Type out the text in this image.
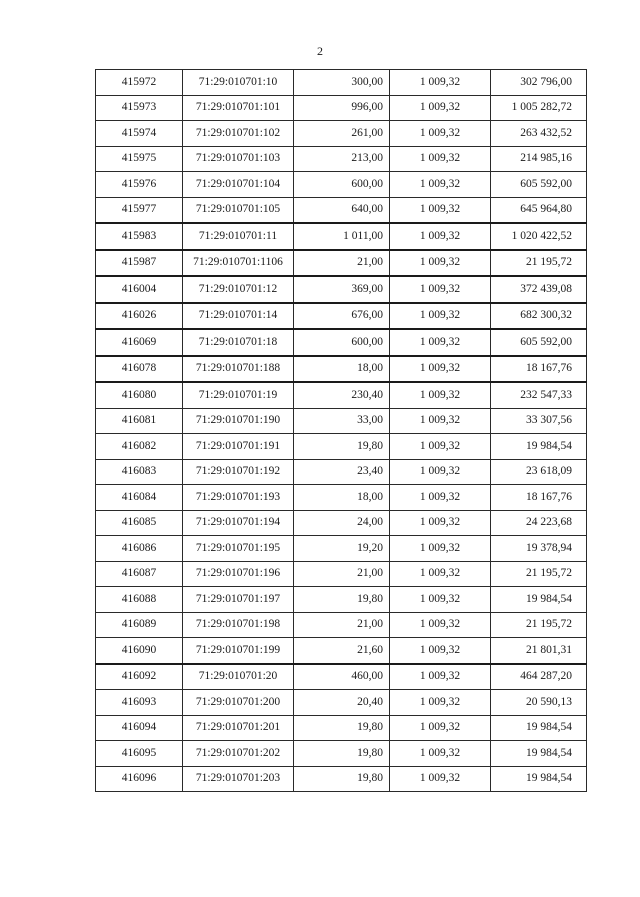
2
415972	71:29:010701:10	300,00	1 009,32	302 796,00
415973	71:29:010701:101	996,00	1 009,32	1 005 282,72
415974	71:29:010701:102	261,00	1 009,32	263 432,52
415975	71:29:010701:103	213,00	1 009,32	214 985,16
415976	71:29:010701:104	600,00	1 009,32	605 592,00
415977	71:29:010701:105	640,00	1 009,32	645 964,80
415983	71:29:010701:11	1 011,00	1 009,32	1 020 422,52
415987	71:29:010701:1106	21,00	1 009,32	21 195,72
416004	71:29:010701:12	369,00	1 009,32	372 439,08
416026	71:29:010701:14	676,00	1 009,32	682 300,32
416069	71:29:010701:18	600,00	1 009,32	605 592,00
416078	71:29:010701:188	18,00	1 009,32	18 167,76
416080	71:29:010701:19	230,40	1 009,32	232 547,33
416081	71:29:010701:190	33,00	1 009,32	33 307,56
416082	71:29:010701:191	19,80	1 009,32	19 984,54
416083	71:29:010701:192	23,40	1 009,32	23 618,09
416084	71:29:010701:193	18,00	1 009,32	18 167,76
416085	71:29:010701:194	24,00	1 009,32	24 223,68
416086	71:29:010701:195	19,20	1 009,32	19 378,94
416087	71:29:010701:196	21,00	1 009,32	21 195,72
416088	71:29:010701:197	19,80	1 009,32	19 984,54
416089	71:29:010701:198	21,00	1 009,32	21 195,72
416090	71:29:010701:199	21,60	1 009,32	21 801,31
416092	71:29:010701:20	460,00	1 009,32	464 287,20
416093	71:29:010701:200	20,40	1 009,32	20 590,13
416094	71:29:010701:201	19,80	1 009,32	19 984,54
416095	71:29:010701:202	19,80	1 009,32	19 984,54
416096	71:29:010701:203	19,80	1 009,32	19 984,54
